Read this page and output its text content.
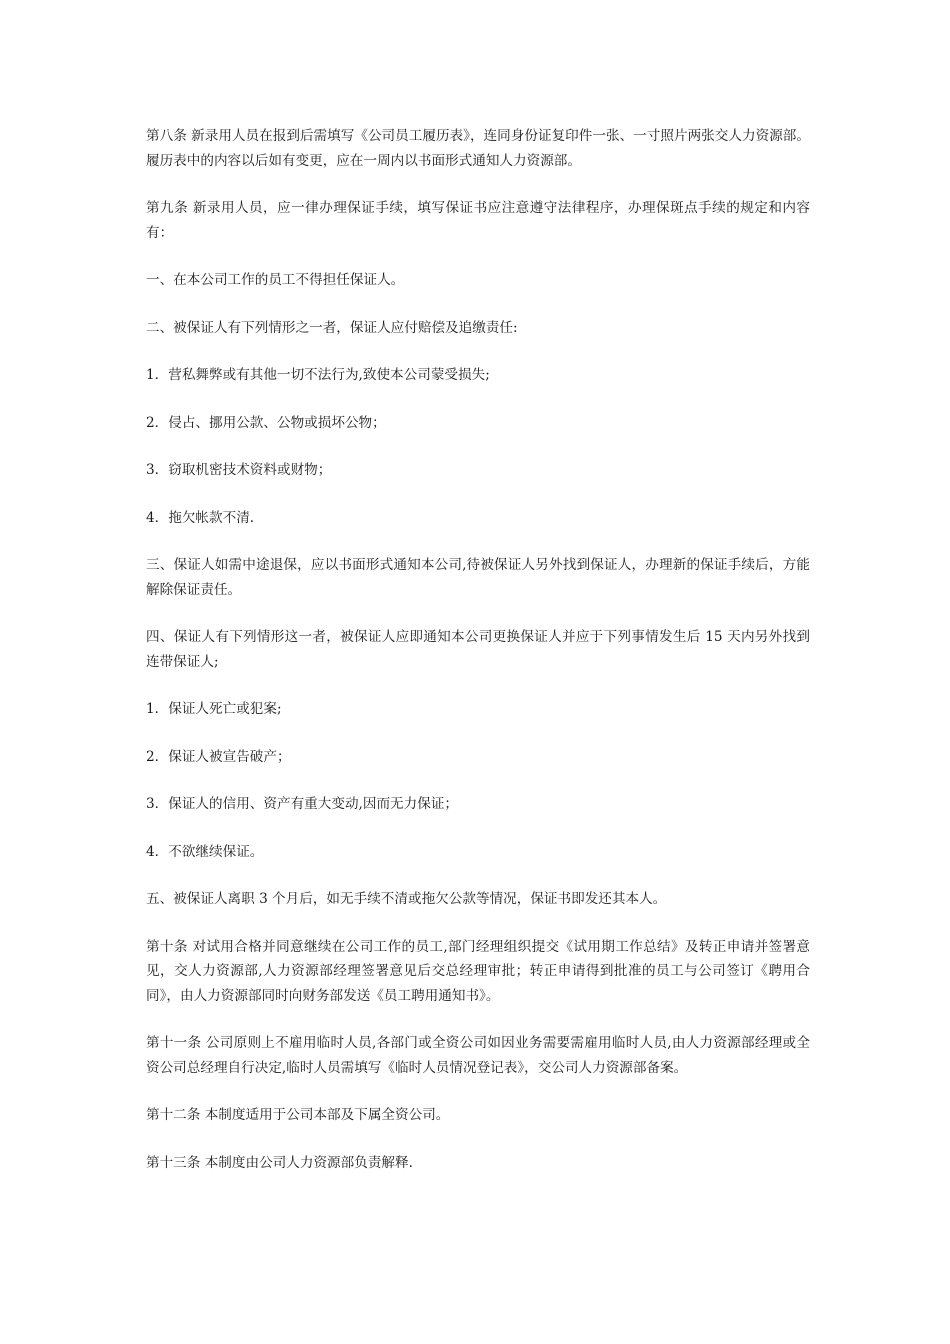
第八条 新录用人员在报到后需填写《公司员工履历表》，连同身份证复印件一张、一寸照片两张交人力资源部。履历表中的内容以后如有变更，应在一周内以书面形式通知人力资源部。

第九条 新录用人员，应一律办理保证手续，填写保证书应注意遵守法律程序，办理保斑点手续的规定和内容有：

一、在本公司工作的员工不得担任保证人。

二、被保证人有下列情形之一者，保证人应付赔偿及追缴责任:

1．营私舞弊或有其他一切不法行为,致使本公司蒙受损失;

2．侵占、挪用公款、公物或损坏公物；

3．窃取机密技术资料或财物；

4．拖欠帐款不清.

三、保证人如需中途退保，应以书面形式通知本公司,待被保证人另外找到保证人，办理新的保证手续后，方能解除保证责任。

四、保证人有下列情形这一者，被保证人应即通知本公司更换保证人并应于下列事情发生后 15 天内另外找到连带保证人;

1．保证人死亡或犯案;

2．保证人被宣告破产；

3．保证人的信用、资产有重大变动,因而无力保证；

4．不欲继续保证。

五、被保证人离职 3 个月后，如无手续不清或拖欠公款等情况，保证书即发还其本人。

第十条 对试用合格并同意继续在公司工作的员工,部门经理组织提交《试用期工作总结》及转正申请并签署意见，交人力资源部,人力资源部经理签署意见后交总经理审批；转正申请得到批准的员工与公司签订《聘用合同》，由人力资源部同时向财务部发送《员工聘用通知书》。

第十一条 公司原则上不雇用临时人员,各部门或全资公司如因业务需要需雇用临时人员,由人力资源部经理或全资公司总经理自行决定,临时人员需填写《临时人员情况登记表》，交公司人力资源部备案。

第十二条 本制度适用于公司本部及下属全资公司。

第十三条 本制度由公司人力资源部负责解释.
